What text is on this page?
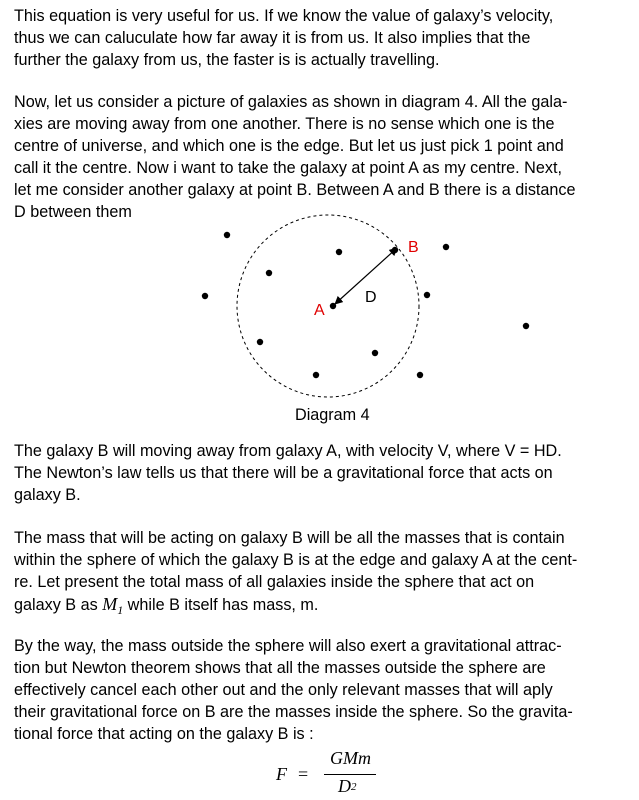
This equation is very useful for us. If we know the value of galaxy’s velocity,
thus we can caluculate how far away it is from us. It also implies that the
further the galaxy from us, the faster is is actually travelling.
Now, let us consider a picture of galaxies as shown in diagram 4. All the gala-
xies are moving away from one another. There is no sense which one is the
centre of universe, and which one is the edge. But let us just pick 1 point and
call it the centre. Now i want to take the galaxy at point A as my centre. Next,
let me consider another galaxy at point B. Between A and B there is a distance
D between them
A
B
D
Diagram 4
The galaxy B will moving away from galaxy A, with velocity V, where V = HD.
The Newton’s law tells us that there will be a gravitational force that acts on
galaxy B.
The mass that will be acting on galaxy B will be all the masses that is contain
within the sphere of which the galaxy B is at the edge and galaxy A at the cent-
re. Let present the total mass of all galaxies inside the sphere that act on
galaxy B as $M_1$ while B itself has mass, m.
By the way, the mass outside the sphere will also exert a gravitational attrac-
tion but Newton theorem shows that all the masses outside the sphere are
effectively cancel each other out and the only relevant masses that will aply
their gravitational force on B are the masses inside the sphere. So the gravita-
tional force that acting on the galaxy B is :
F =
GMm
$D^2$
